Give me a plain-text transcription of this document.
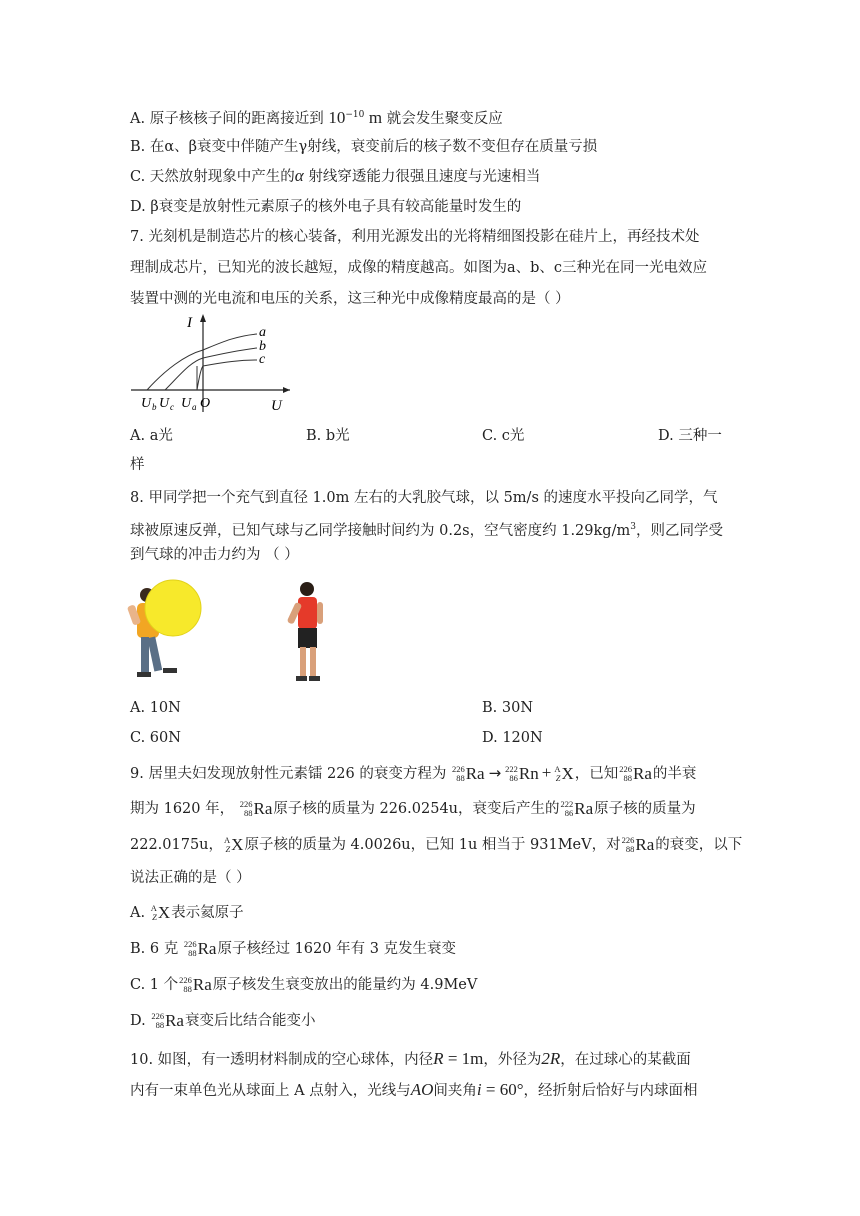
A. 原子核核子间的距离接近到 $10^{-10}$ m 就会发生聚变反应
B. 在α、β衰变中伴随产生γ射线，衰变前后的核子数不变但存在质量亏损
C. 天然放射现象中产生的α 射线穿透能力很强且速度与光速相当
D. β衰变是放射性元素原子的核外电子具有较高能量时发生的
7. 光刻机是制造芯片的核心装备，利用光源发出的光将精细图投影在硅片上，再经技术处
理制成芯片，已知光的波长越短，成像的精度越高。如图为a、b、c三种光在同一光电效应
装置中测的光电流和电压的关系，这三种光中成像精度最高的是（ ）
I
a
b
c
U b U c U a O	U
A. a光	B. b光	C. c光	D. 三种一
样
8. 甲同学把一个充气到直径 1.0m 左右的大乳胶气球，以 5m/s 的速度水平投向乙同学，气
球被原速反弹，已知气球与乙同学接触时间约为 0.2s，空气密度约 $1.29kg/m^3$，则乙同学受
到气球的冲击力约为 （ ）
A. 10N	B. 30N
C. 60N	D. 120N
9. 居里夫妇发现放射性元素镭 226 的衰变方程为 226
88 Ra → 222
86 Rn + A
Z X ，已知 226
88 Ra 的半衰
期为 1620 年， 226
88 Ra 原子核的质量为 226.0254u，衰变后产生的 222
86 Ra 原子核的质量为
222.0175u， A
Z X 原子核的质量为 4.0026u，已知 1u 相当于 931MeV，对 226
88 Ra 的衰变，以下
说法正确的是（ ）
A. A
Z X 表示氦原子
B. 6 克 226
88 Ra 原子核经过 1620 年有 3 克发生衰变
C. 1 个 226
88 Ra 原子核发生衰变放出的能量约为 4.9MeV
D. 226
88 Ra 衰变后比结合能变小
10. 如图，有一透明材料制成的空心球体，内径R = 1m，外径为2R，在过球心的某截面
内有一束单色光从球面上 A 点射入，光线与AO间夹角i = 60°，经折射后恰好与内球面相
